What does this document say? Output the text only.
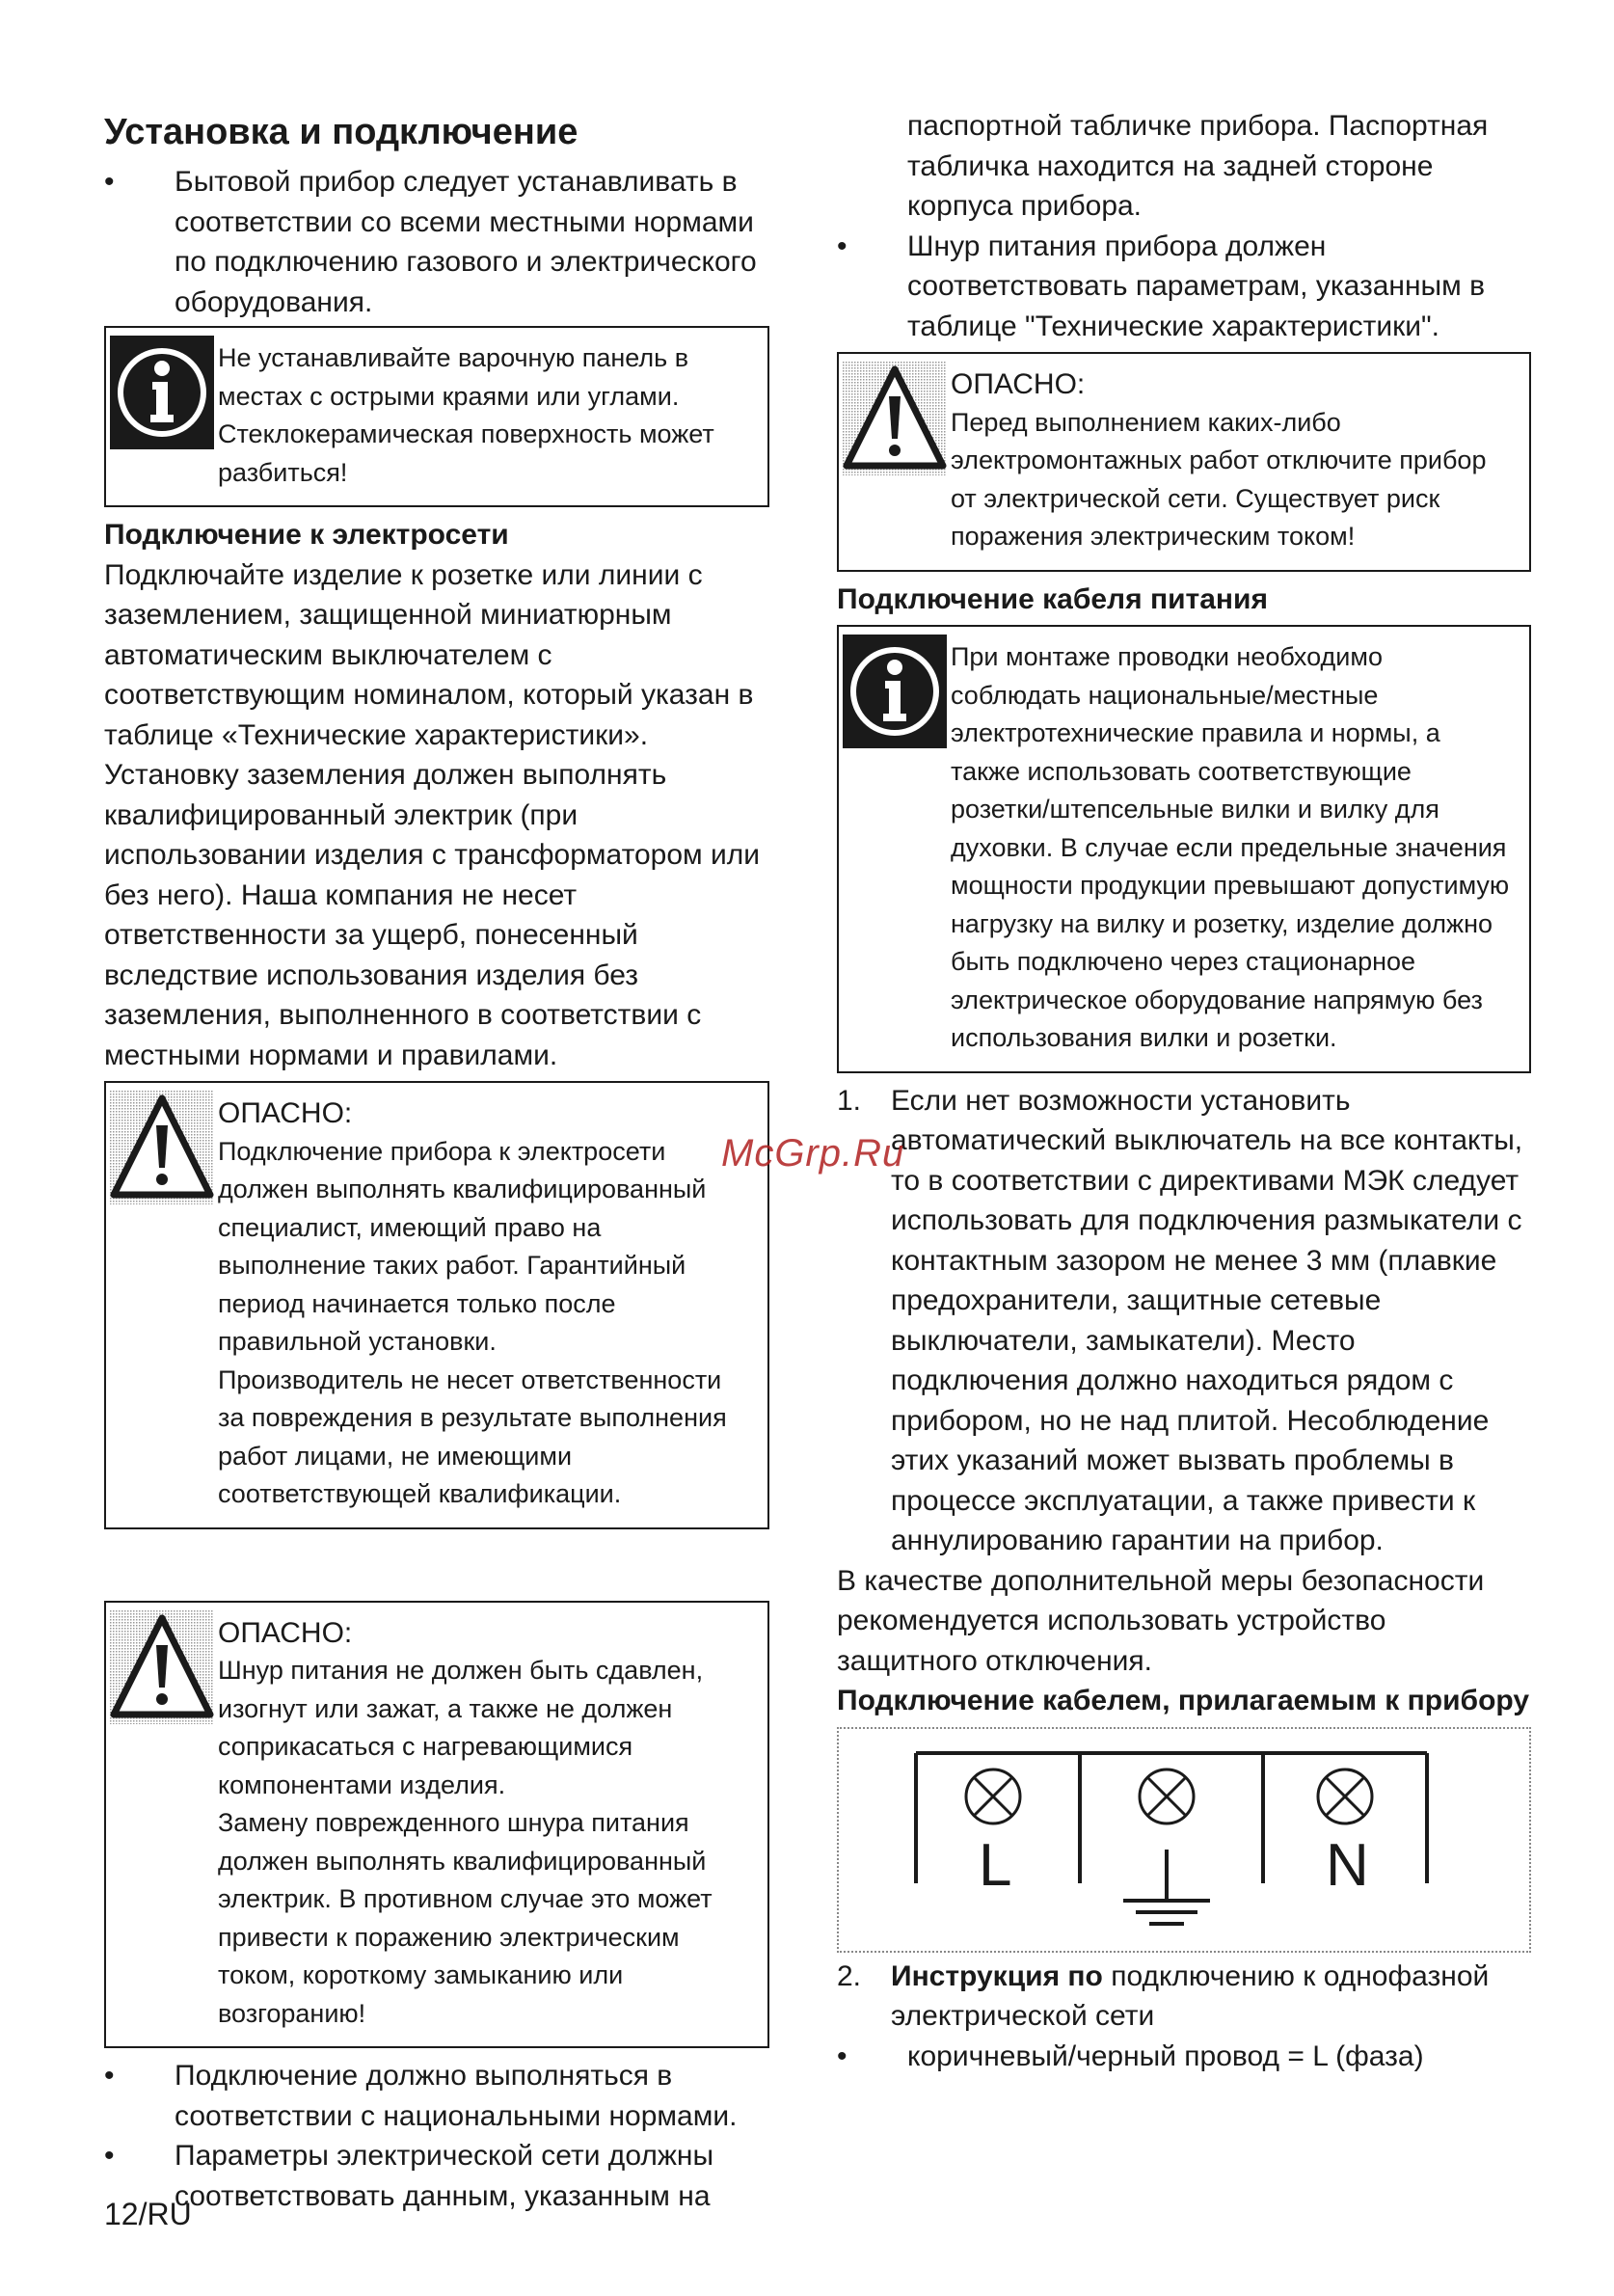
Установка и подключение

• Бытовой прибор следует устанавливать в соответствии со всеми местными нормами по подключению газового и электрического оборудования.

Не устанавливайте варочную панель в местах с острыми краями или углами. Стеклокерамическая поверхность может разбиться!

Подключение к электросети

Подключайте изделие к розетке или линии с заземлением, защищенной миниатюрным автоматическим выключателем с соответствующим номиналом, который указан в таблице «Технические характеристики». Установку заземления должен выполнять квалифицированный электрик (при использовании изделия с трансформатором или без него). Наша компания не несет ответственности за ущерб, понесенный вследствие использования изделия без заземления, выполненного в соответствии с местными нормами и правилами.

ОПАСНО:

Подключение прибора к электросети должен выполнять квалифицированный специалист, имеющий право на выполнение таких работ. Гарантийный период начинается только после правильной установки.

Производитель не несет ответственности за повреждения в результате выполнения работ лицами, не имеющими соответствующей квалификации.

ОПАСНО:

Шнур питания не должен быть сдавлен, изогнут или зажат, а также не должен соприкасаться с нагревающимися компонентами изделия.

Замену поврежденного шнура питания должен выполнять квалифицированный электрик. В противном случае это может привести к поражению электрическим током, короткому замыканию или возгоранию!

• Подключение должно выполняться в соответствии с национальными нормами.

• Параметры электрической сети должны соответствовать данным, указанным на

паспортной табличке прибора. Паспортная табличка находится на задней стороне корпуса прибора.

• Шнур питания прибора должен соответствовать параметрам, указанным в таблице "Технические характеристики".

ОПАСНО:

Перед выполнением каких-либо электромонтажных работ отключите прибор от электрической сети. Существует риск поражения электрическим током!

Подключение кабеля питания

При монтаже проводки необходимо соблюдать национальные/местные электротехнические правила и нормы, а также использовать соответствующие розетки/штепсельные вилки и вилку для духовки. В случае если предельные значения мощности продукции превышают допустимую нагрузку на вилку и розетку, изделие должно быть подключено через стационарное электрическое оборудование напрямую без использования вилки и розетки.

1. Если нет возможности установить автоматический выключатель на все контакты, то в соответствии с директивами МЭК следует использовать для подключения размыкатели с контактным зазором не менее 3 мм (плавкие предохранители, защитные сетевые выключатели, замыкатели). Место подключения должно находиться рядом с прибором, но не над плитой. Несоблюдение этих указаний может вызвать проблемы в процессе эксплуатации, а также привести к аннулированию гарантии на прибор.

В качестве дополнительной меры безопасности рекомендуется использовать устройство защитного отключения.

Подключение кабелем, прилагаемым к прибору
L	N

2. Инструкция по подключению к однофазной электрической сети

• коричневый/черный провод = L (фаза)

12/RU
McGrp.Ru
